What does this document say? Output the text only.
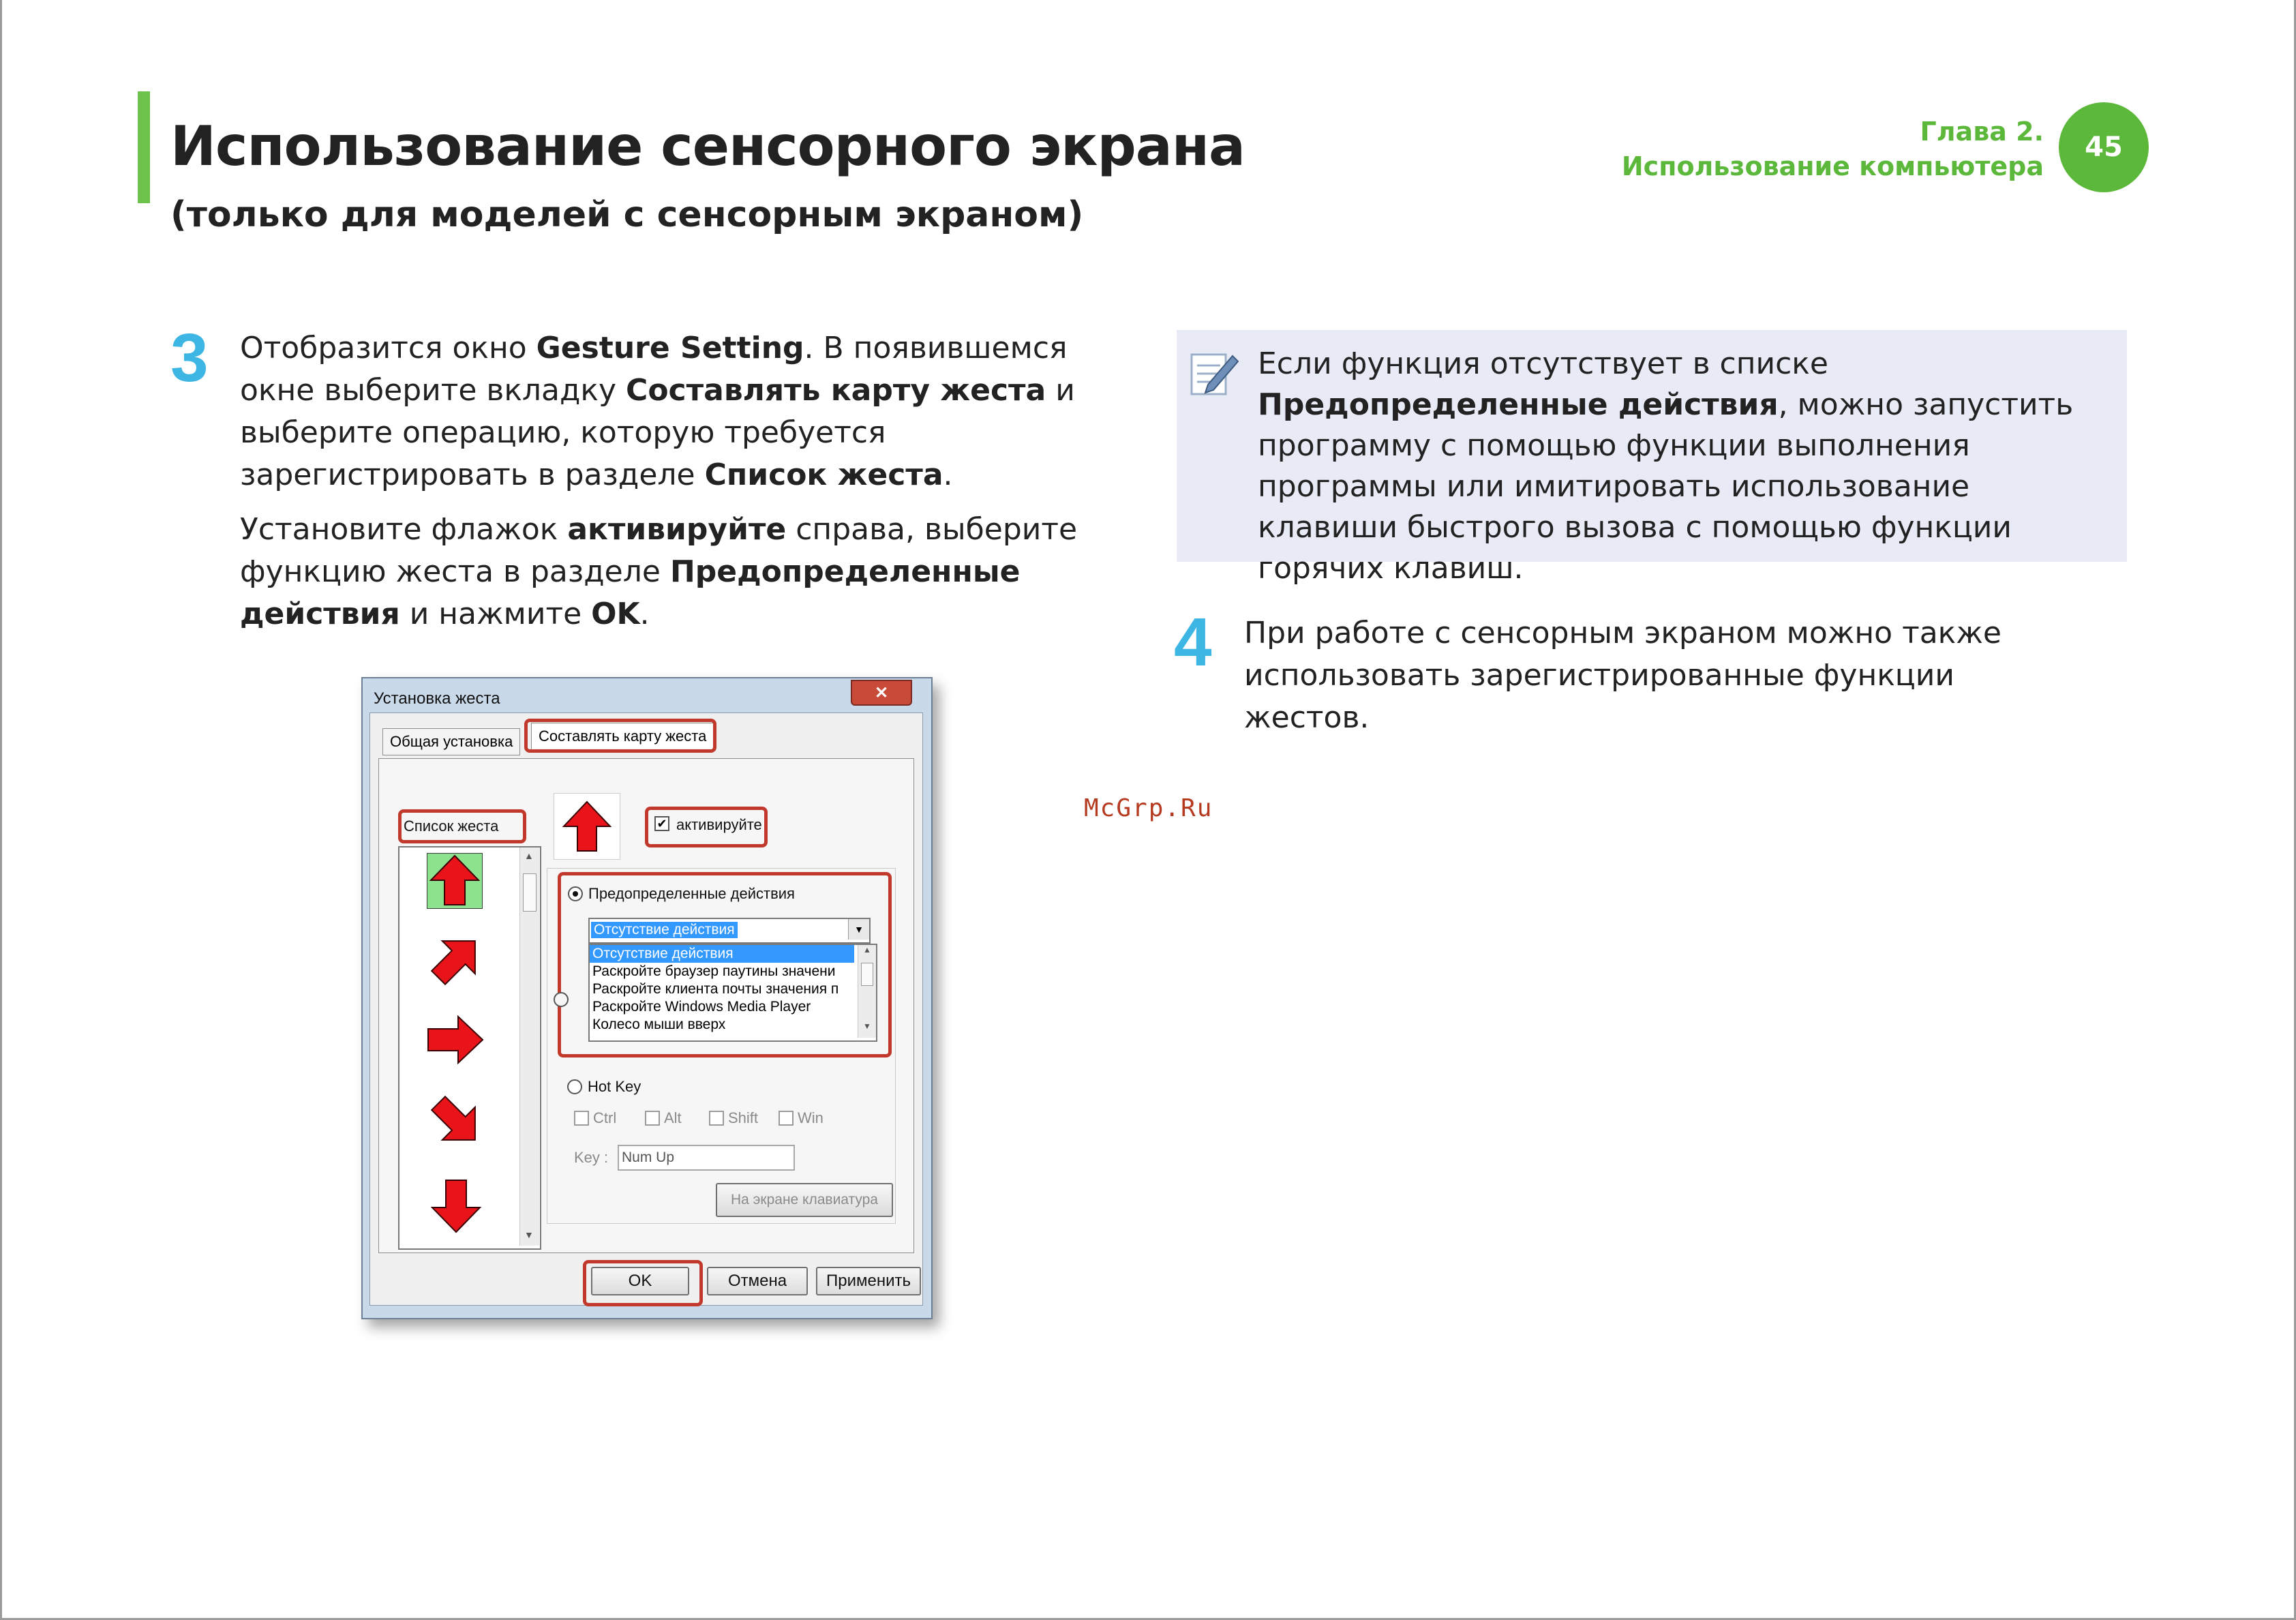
Использование сенсорного экрана
(только для моделей с сенсорным экраном)
Глава 2.
Использование компьютера
45
3 Отобразится окно Gesture Setting. В появившемся окне выберите вкладку Составлять карту жеста и выберите операцию, которую требуется зарегистрировать в разделе Список жеста.
Установите флажок активируйте справа, выберите функцию жеста в разделе Предопределенные действия и нажмите OK.
Если функция отсутствует в списке Предопределенные действия, можно запустить программу с помощью функции выполнения программы или имитировать использование клавиши быстрого вызова с помощью функции горячих клавиш.
4 При работе с сенсорным экраном можно также использовать зарегистрированные функции жестов.
McGrp.Ru
Установка жеста	✕
Общая установка	Составлять карту жеста
Список жеста
▲
▼
✔ активируйте
Предопределенные действия
Отсутствие действия	▼
Отсутствие действия
Раскройте браузер паутины значени
Раскройте клиента почты значения п
Раскройте Windows Media Player
Колесо мыши вверх
▲
▼
Hot Key
Ctrl	Alt	Shift	Win
Key : Num Up
На экране клавиатура
OK	Отмена	Применить
